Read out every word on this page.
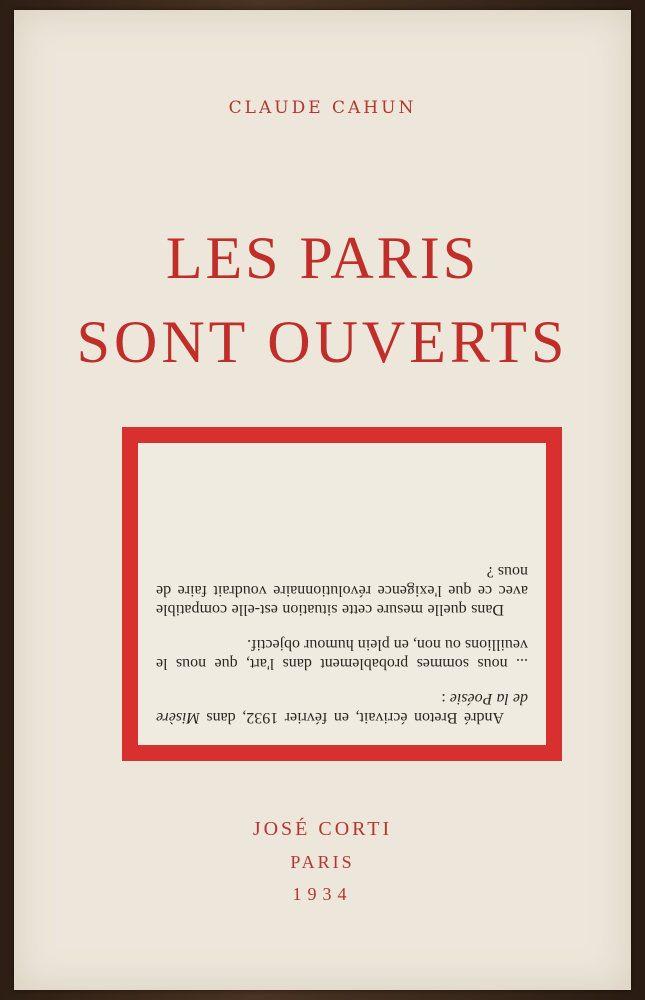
CLAUDE CAHUN
LES PARIS
SONT OUVERTS

André Breton écrivait, en février 1932, dans Misère de la Poésie :

... nous sommes probablement dans l'art, que nous le veuillions ou non, en plein humour objectif.

Dans quelle mesure cette situation est-elle compatible avec ce que l'exigence révolutionnaire voudrait faire de nous ?

JOSÉ CORTI
PARIS
1934
